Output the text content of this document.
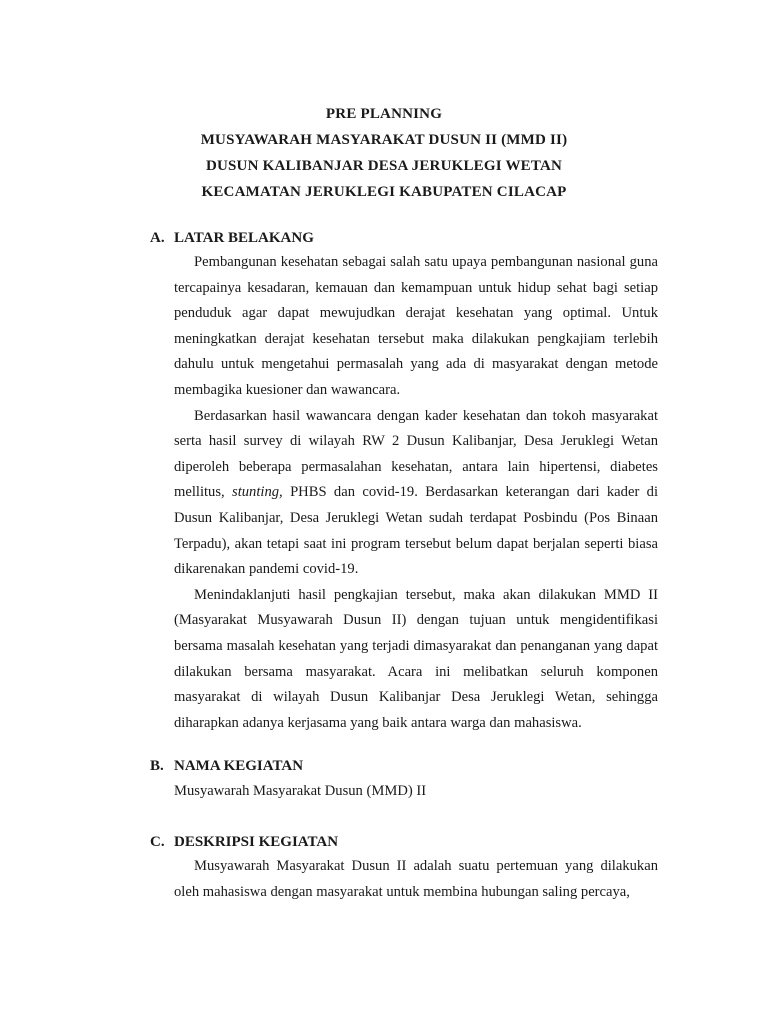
PRE PLANNING
MUSYAWARAH MASYARAKAT DUSUN II (MMD II)
DUSUN KALIBANJAR DESA JERUKLEGI WETAN
KECAMATAN JERUKLEGI KABUPATEN CILACAP
A. LATAR BELAKANG

Pembangunan kesehatan sebagai salah satu upaya pembangunan nasional guna tercapainya kesadaran, kemauan dan kemampuan untuk hidup sehat bagi setiap penduduk agar dapat mewujudkan derajat kesehatan yang optimal. Untuk meningkatkan derajat kesehatan tersebut maka dilakukan pengkajiam terlebih dahulu untuk mengetahui permasalah yang ada di masyarakat dengan metode membagika kuesioner dan wawancara.

Berdasarkan hasil wawancara dengan kader kesehatan dan tokoh masyarakat serta hasil survey di wilayah RW 2 Dusun Kalibanjar, Desa Jeruklegi Wetan diperoleh beberapa permasalahan kesehatan, antara lain hipertensi, diabetes mellitus, stunting, PHBS dan covid-19. Berdasarkan keterangan dari kader di Dusun Kalibanjar, Desa Jeruklegi Wetan sudah terdapat Posbindu (Pos Binaan Terpadu), akan tetapi saat ini program tersebut belum dapat berjalan seperti biasa dikarenakan pandemi covid-19.

Menindaklanjuti hasil pengkajian tersebut, maka akan dilakukan MMD II (Masyarakat Musyawarah Dusun II) dengan tujuan untuk mengidentifikasi bersama masalah kesehatan yang terjadi dimasyarakat dan penanganan yang dapat dilakukan bersama masyarakat. Acara ini melibatkan seluruh komponen masyarakat di wilayah Dusun Kalibanjar Desa Jeruklegi Wetan, sehingga diharapkan adanya kerjasama yang baik antara warga dan mahasiswa.

B. NAMA KEGIATAN

Musyawarah Masyarakat Dusun (MMD) II

C. DESKRIPSI KEGIATAN

Musyawarah Masyarakat Dusun II adalah suatu pertemuan yang dilakukan oleh mahasiswa dengan masyarakat untuk membina hubungan saling percaya,
